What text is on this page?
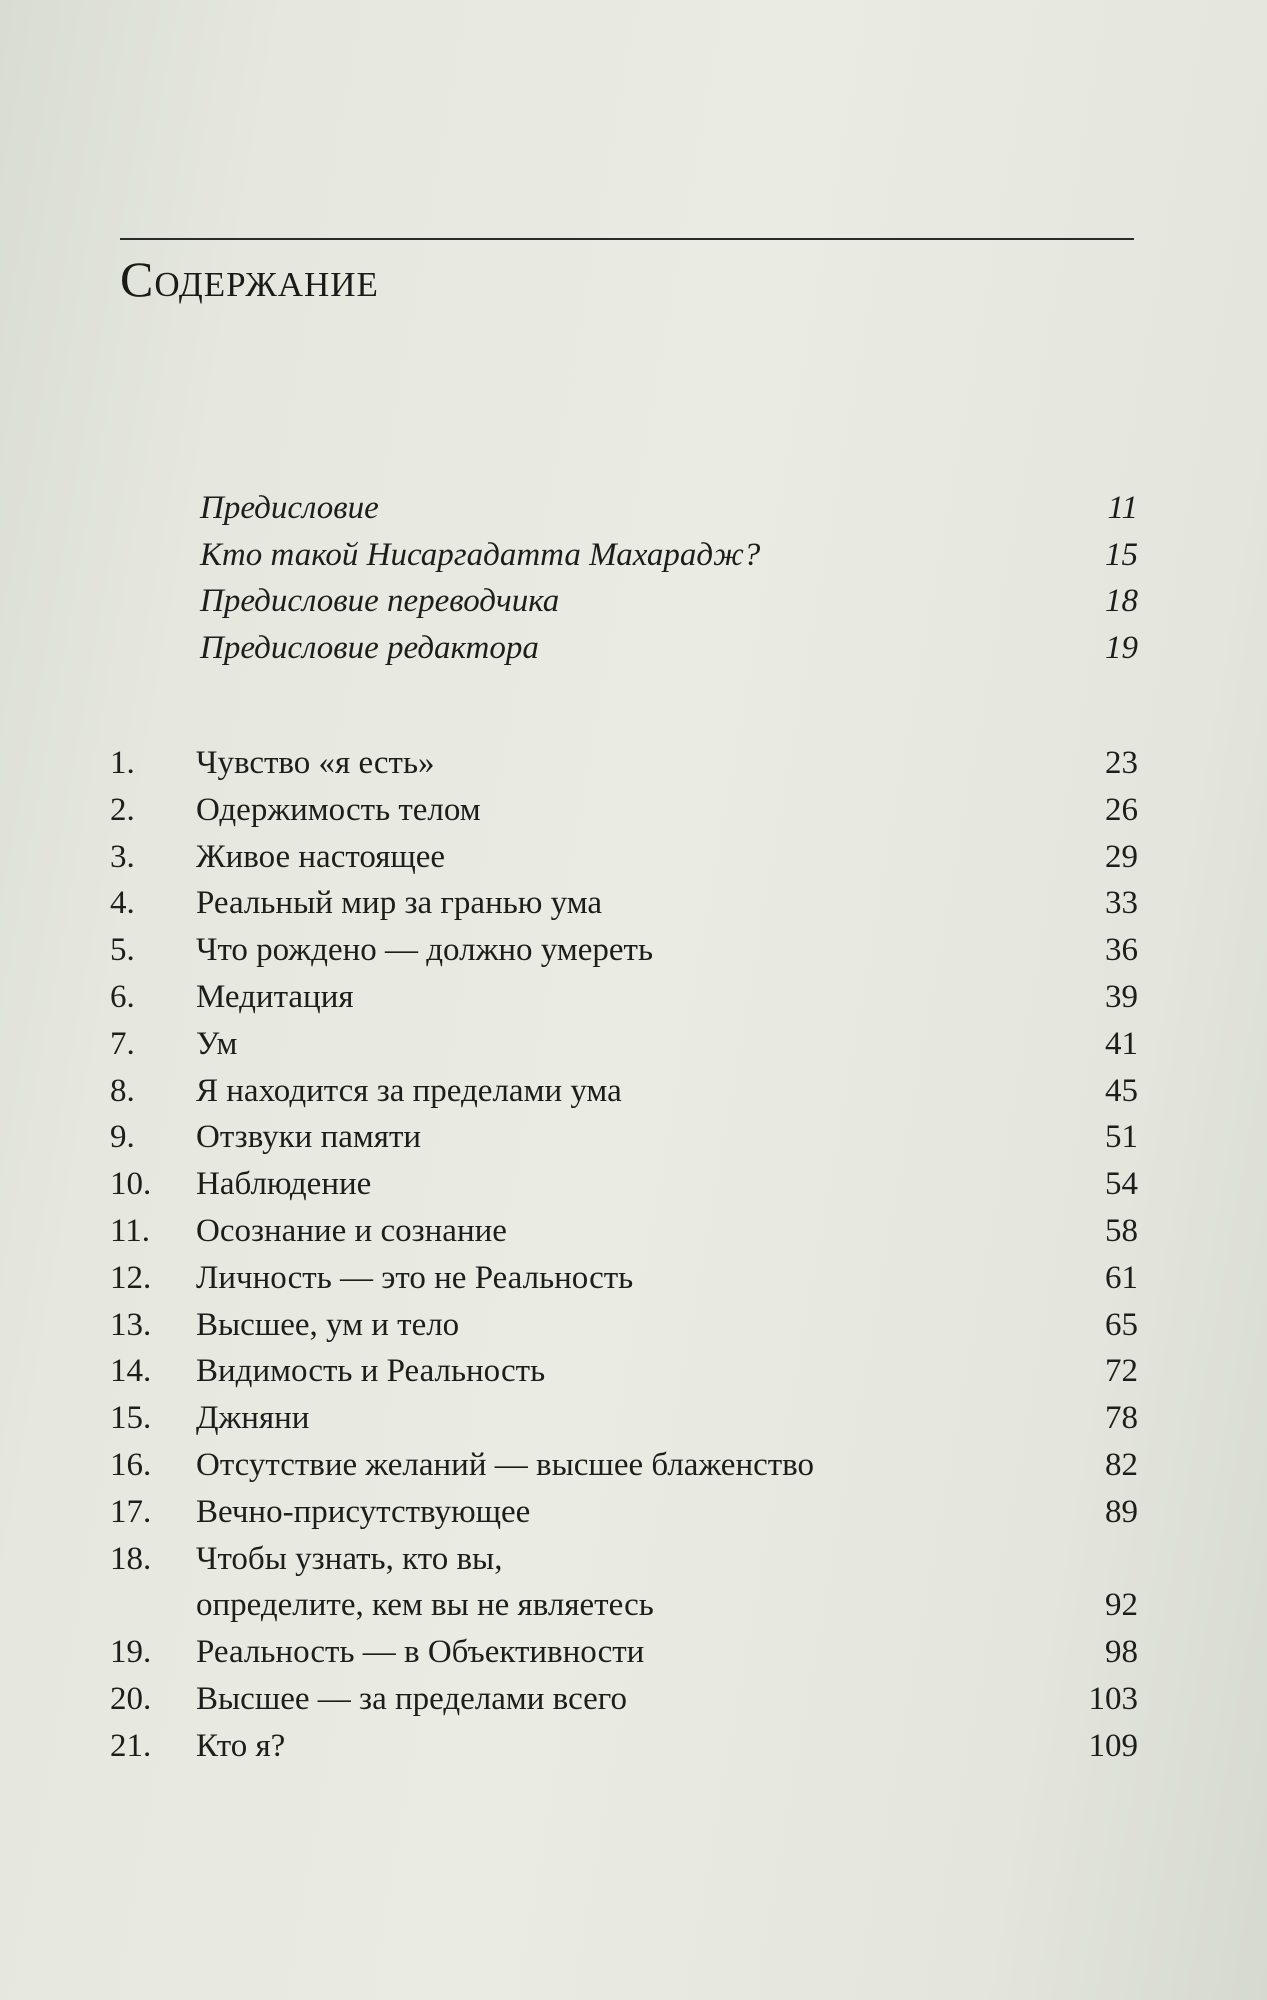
Содержание
Предисловие	11
Кто такой Нисаргадатта Махарадж?	15
Предисловие переводчика	18
Предисловие редактора	19
1.	Чувство «я есть»	23
2.	Одержимость телом	26
3.	Живое настоящее	29
4.	Реальный мир за гранью ума	33
5.	Что рождено — должно умереть	36
6.	Медитация	39
7.	Ум	41
8.	Я находится за пределами ума	45
9.	Отзвуки памяти	51
10.	Наблюдение	54
11.	Осознание и сознание	58
12.	Личность — это не Реальность	61
13.	Высшее, ум и тело	65
14.	Видимость и Реальность	72
15.	Джняни	78
16.	Отсутствие желаний — высшее блаженство	82
17.	Вечно-присутствующее	89
18.	Чтобы узнать, кто вы,
определите, кем вы не являетесь	92
19.	Реальность — в Объективности	98
20.	Высшее — за пределами всего	103
21.	Кто я?	109
